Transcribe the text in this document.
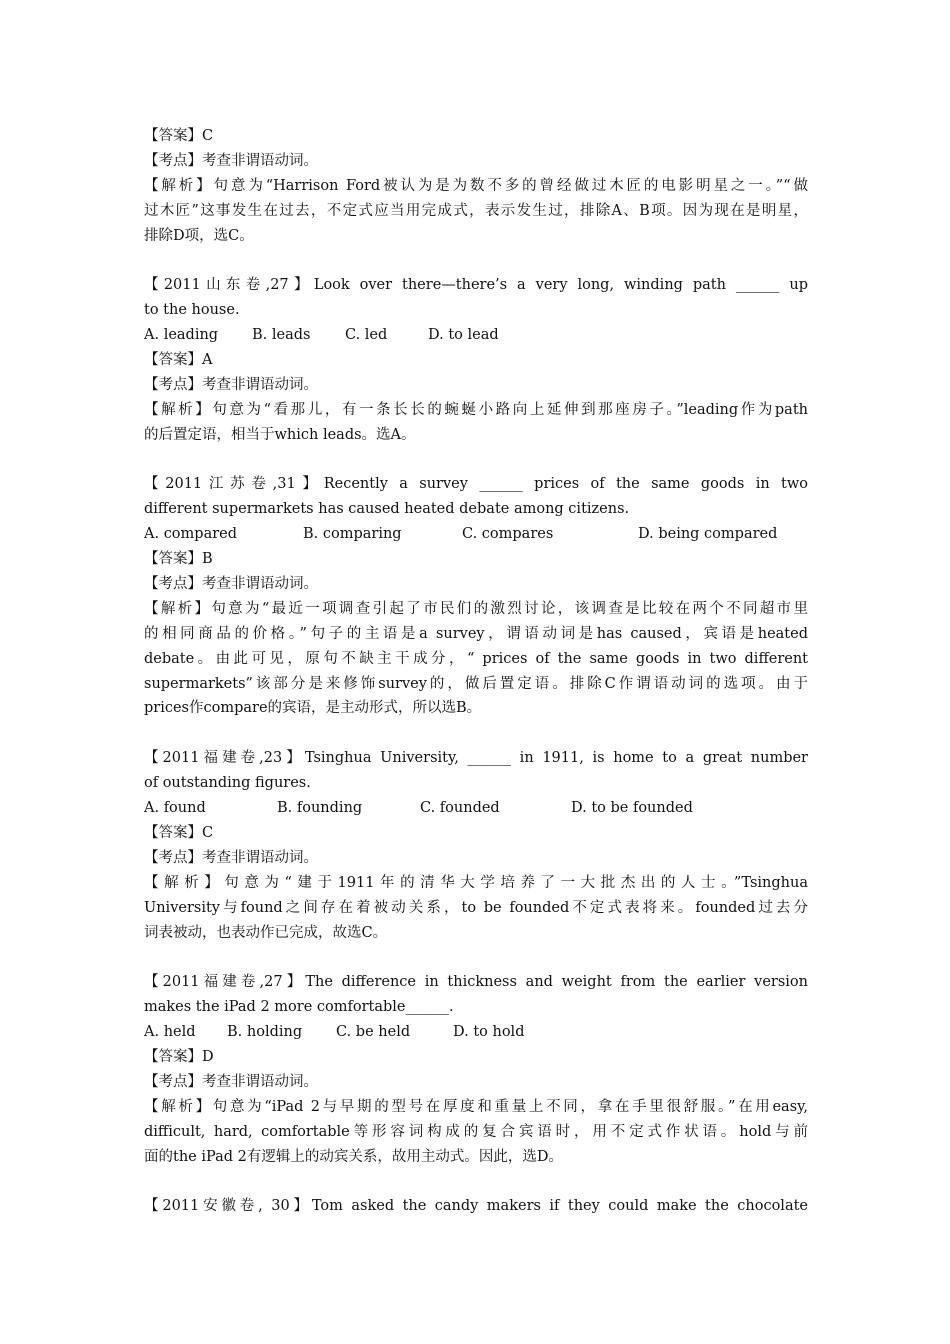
【答案】C
【考点】考查非谓语动词。
【解析】句意为“Harrison Ford被认为是为数不多的曾经做过木匠的电影明星之一。”“做
过木匠”这事发生在过去，不定式应当用完成式，表示发生过，排除A、B项。因为现在是明星，
排除D项，选C。
【2011山东卷,27】Look over there—there’s a very long, winding path ______ up
to the house.

A. leading

B. leads

C. led

	D. to lead

【答案】A
【考点】考查非谓语动词。
【解析】句意为“看那儿，有一条长长的蜿蜒小路向上延伸到那座房子。”leading作为path
的后置定语，相当于which leads。选A。
【2011江苏卷,31】Recently a survey ______ prices of the same goods in two
different supermarkets has caused heated debate among citizens.

A. compared

	B. comparing

	C. compares

	D. being compared

【答案】B
【考点】考查非谓语动词。
【解析】句意为“最近一项调查引起了市民们的激烈讨论，该调查是比较在两个不同超市里
的相同商品的价格。”句子的主语是a survey，谓语动词是has caused，宾语是heated
debate。由此可见，原句不缺主干成分，“ prices of the same goods in two different
supermarkets”该部分是来修饰survey的，做后置定语。排除C作谓语动词的选项。由于
prices作compare的宾语，是主动形式，所以选B。
【2011福建卷,23】Tsinghua University, ______ in 1911, is home to a great number
of outstanding figures.

A. found

	B. founding

	C. founded

	D. to be founded

【答案】C
【考点】考查非谓语动词。
【解析】句意为“建于1911年的清华大学培养了一大批杰出的人士。”Tsinghua
University与found之间存在着被动关系，to be founded不定式表将来。founded过去分
词表被动，也表动作已完成，故选C。
【2011福建卷,27】The difference in thickness and weight from the earlier version
makes the iPad 2 more comfortable______.

A. held

B. holding

C. be held

	D. to hold

【答案】D
【考点】考查非谓语动词。
【解析】句意为“iPad 2与早期的型号在厚度和重量上不同，拿在手里很舒服。”在用easy,
difficult, hard, comfortable等形容词构成的复合宾语时，用不定式作状语。hold与前
面的the iPad 2有逻辑上的动宾关系，故用主动式。因此，选D。
【2011安徽卷, 30】Tom asked the candy makers if they could make the chocolate
